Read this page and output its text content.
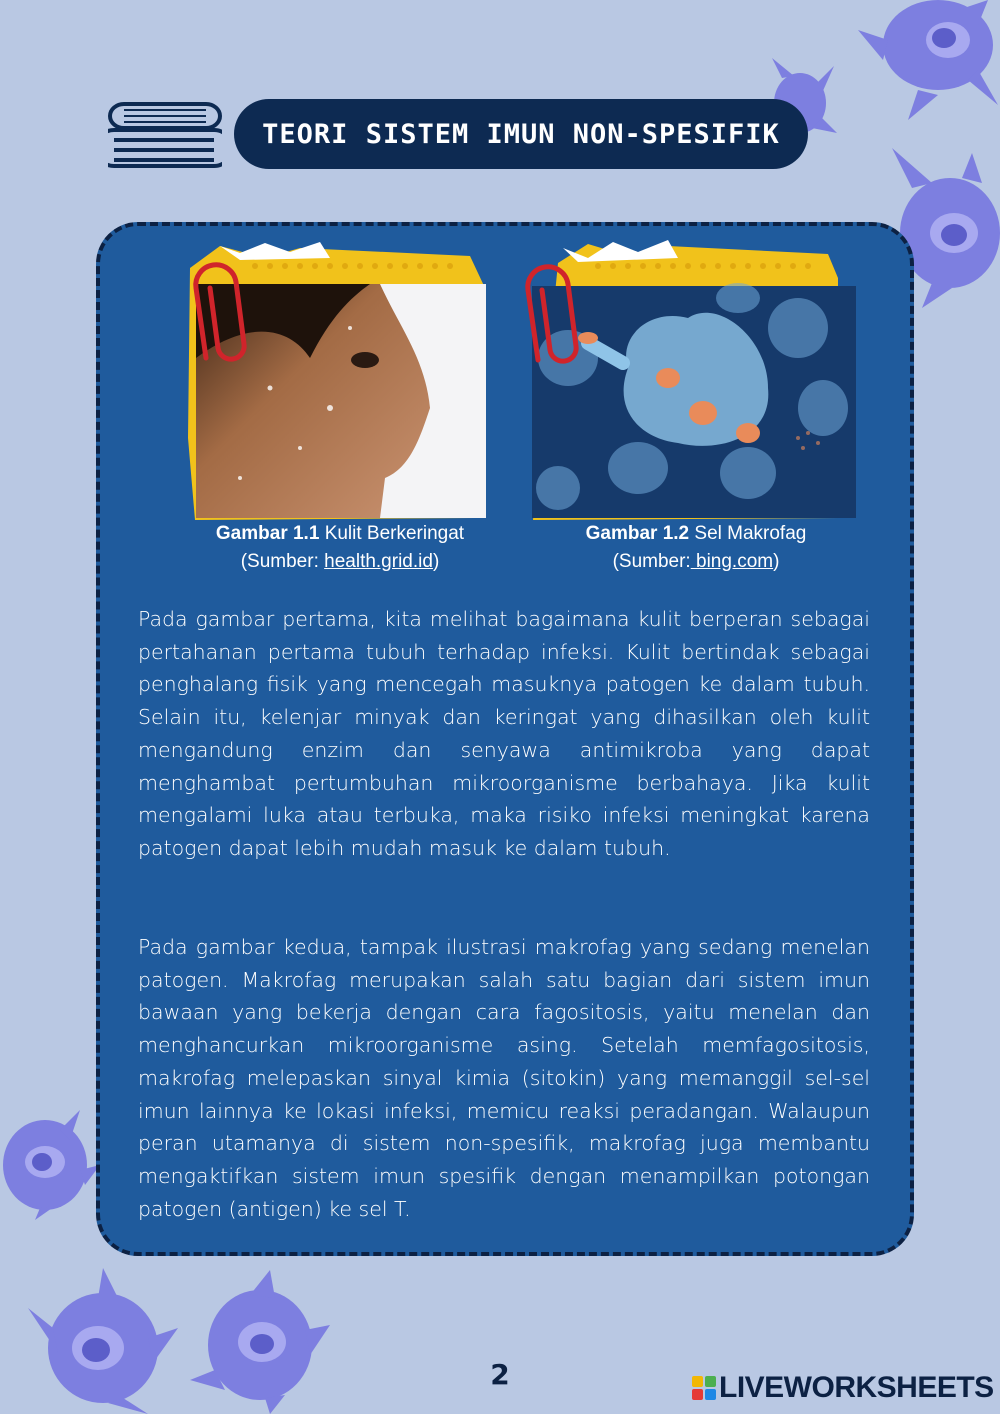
TEORI SISTEM IMUN NON-SPESIFIK
Gambar 1.1 Kulit Berkeringat
(Sumber: health.grid.id)
Gambar 1.2 Sel Makrofag
(Sumber: bing.com)

Pada gambar pertama, kita melihat bagaimana kulit berperan sebagai pertahanan pertama tubuh terhadap infeksi. Kulit bertindak sebagai penghalang fisik yang mencegah masuknya patogen ke dalam tubuh. Selain itu, kelenjar minyak dan keringat yang dihasilkan oleh kulit mengandung enzim dan senyawa antimikroba yang dapat menghambat pertumbuhan mikroorganisme berbahaya. Jika kulit mengalami luka atau terbuka, maka risiko infeksi meningkat karena patogen dapat lebih mudah masuk ke dalam tubuh.

Pada gambar kedua, tampak ilustrasi makrofag yang sedang menelan patogen. Makrofag merupakan salah satu bagian dari sistem imun bawaan yang bekerja dengan cara fagositosis, yaitu menelan dan menghancurkan mikroorganisme asing. Setelah memfagositosis, makrofag melepaskan sinyal kimia (sitokin) yang memanggil sel-sel imun lainnya ke lokasi infeksi, memicu reaksi peradangan. Walaupun peran utamanya di sistem non-spesifik, makrofag juga membantu mengaktifkan sistem imun spesifik dengan menampilkan potongan patogen (antigen) ke sel T.

2	LIVEWORKSHEETS
